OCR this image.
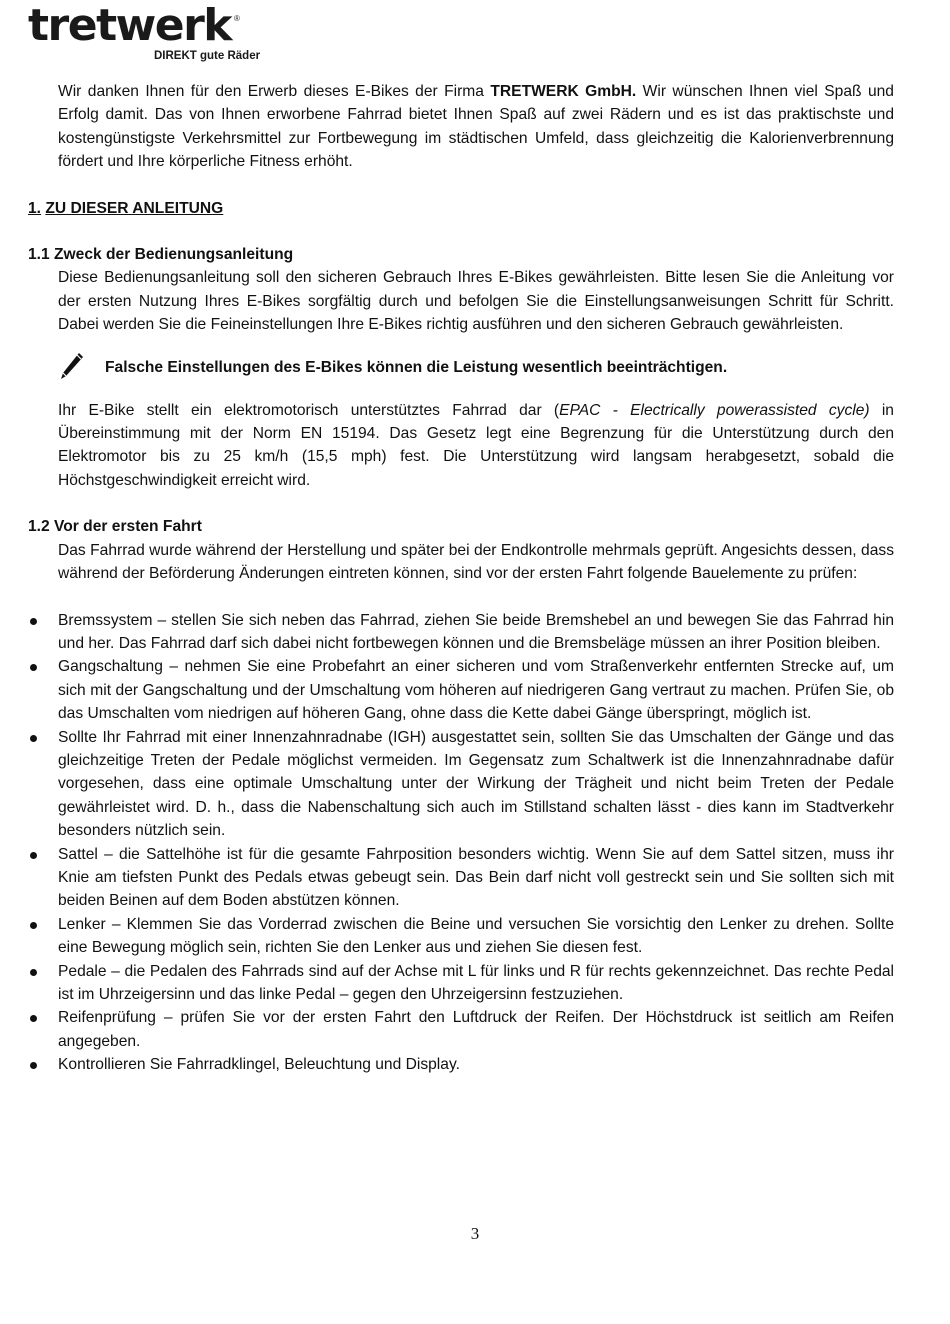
tretwerk ®
DIREKT gute Räder

Wir danken Ihnen für den Erwerb dieses E-Bikes der Firma TRETWERK GmbH. Wir wünschen Ihnen viel Spaß und Erfolg damit. Das von Ihnen erworbene Fahrrad bietet Ihnen Spaß auf zwei Rädern und es ist das praktischste und kostengünstigste Verkehrsmittel zur Fortbewegung im städtischen Umfeld, dass gleichzeitig die Kalorienverbrennung fördert und Ihre körperliche Fitness erhöht.

1. ZU DIESER ANLEITUNG

1.1 Zweck der Bedienungsanleitung

Diese Bedienungsanleitung soll den sicheren Gebrauch Ihres E-Bikes gewährleisten. Bitte lesen Sie die Anleitung vor der ersten Nutzung Ihres E-Bikes sorgfältig durch und befolgen Sie die Einstellungsanweisungen Schritt für Schritt. Dabei werden Sie die Feineinstellungen Ihre E-Bikes richtig ausführen und den sicheren Gebrauch gewährleisten.

Falsche Einstellungen des E-Bikes können die Leistung wesentlich beeinträchtigen.

Ihr E-Bike stellt ein elektromotorisch unterstütztes Fahrrad dar (EPAC - Electrically powerassisted cycle) in Übereinstimmung mit der Norm EN 15194. Das Gesetz legt eine Begrenzung für die Unterstützung durch den Elektromotor bis zu 25 km/h (15,5 mph) fest. Die Unterstützung wird langsam herabgesetzt, sobald die Höchstgeschwindigkeit erreicht wird.

1.2 Vor der ersten Fahrt

Das Fahrrad wurde während der Herstellung und später bei der Endkontrolle mehrmals geprüft. Angesichts dessen, dass während der Beförderung Änderungen eintreten können, sind vor der ersten Fahrt folgende Bauelemente zu prüfen:

Bremssystem – stellen Sie sich neben das Fahrrad, ziehen Sie beide Bremshebel an und bewegen Sie das Fahrrad hin und her. Das Fahrrad darf sich dabei nicht fortbewegen können und die Bremsbeläge müssen an ihrer Position bleiben.
Gangschaltung – nehmen Sie eine Probefahrt an einer sicheren und vom Straßenverkehr entfernten Strecke auf, um sich mit der Gangschaltung und der Umschaltung vom höheren auf niedrigeren Gang vertraut zu machen. Prüfen Sie, ob das Umschalten vom niedrigen auf höheren Gang, ohne dass die Kette dabei Gänge überspringt, möglich ist.
Sollte Ihr Fahrrad mit einer Innenzahnradnabe (IGH) ausgestattet sein, sollten Sie das Umschalten der Gänge und das gleichzeitige Treten der Pedale möglichst vermeiden. Im Gegensatz zum Schaltwerk ist die Innenzahnradnabe dafür vorgesehen, dass eine optimale Umschaltung unter der Wirkung der Trägheit und nicht beim Treten der Pedale gewährleistet wird. D. h., dass die Nabenschaltung sich auch im Stillstand schalten lässt - dies kann im Stadtverkehr besonders nützlich sein.
Sattel – die Sattelhöhe ist für die gesamte Fahrposition besonders wichtig. Wenn Sie auf dem Sattel sitzen, muss ihr Knie am tiefsten Punkt des Pedals etwas gebeugt sein. Das Bein darf nicht voll gestreckt sein und Sie sollten sich mit beiden Beinen auf dem Boden abstützen können.
Lenker – Klemmen Sie das Vorderrad zwischen die Beine und versuchen Sie vorsichtig den Lenker zu drehen. Sollte eine Bewegung möglich sein, richten Sie den Lenker aus und ziehen Sie diesen fest.
Pedale – die Pedalen des Fahrrads sind auf der Achse mit L für links und R für rechts gekennzeichnet. Das rechte Pedal ist im Uhrzeigersinn und das linke Pedal – gegen den Uhrzeigersinn festzuziehen.
Reifenprüfung – prüfen Sie vor der ersten Fahrt den Luftdruck der Reifen. Der Höchstdruck ist seitlich am Reifen angegeben.
Kontrollieren Sie Fahrradklingel, Beleuchtung und Display.
3
